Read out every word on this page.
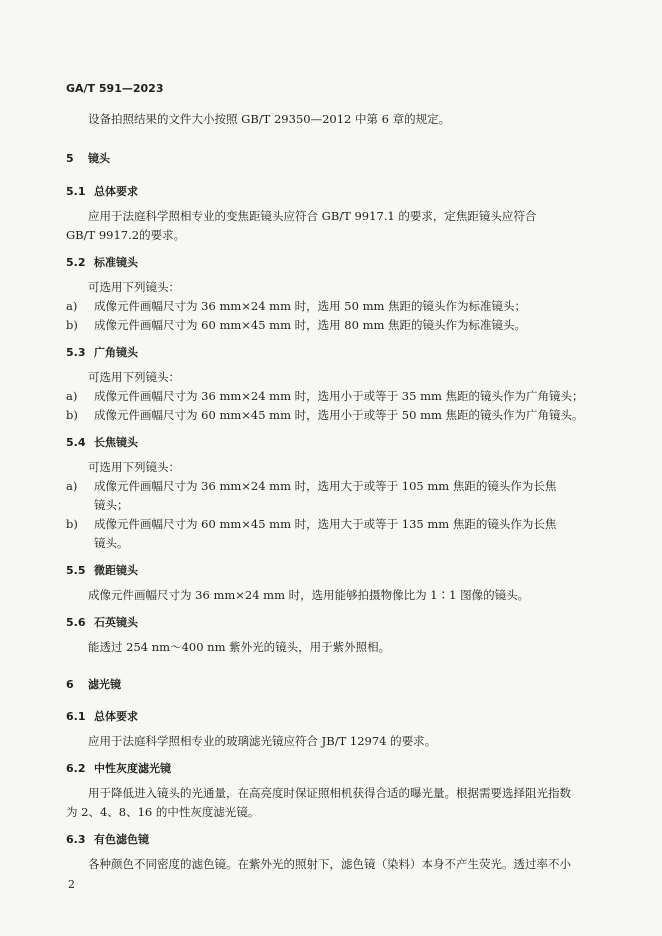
GA/T 591—2023
设备拍照结果的文件大小按照 GB/T 29350—2012 中第 6 章的规定。
5 镜头
5.1 总体要求
应用于法庭科学照相专业的变焦距镜头应符合 GB/T 9917.1 的要求，定焦距镜头应符合
GB/T 9917.2的要求。
5.2 标准镜头
可选用下列镜头：
a) 成像元件画幅尺寸为 36 mm×24 mm 时，选用 50 mm 焦距的镜头作为标准镜头；
b) 成像元件画幅尺寸为 60 mm×45 mm 时，选用 80 mm 焦距的镜头作为标准镜头。
5.3 广角镜头
可选用下列镜头：
a) 成像元件画幅尺寸为 36 mm×24 mm 时，选用小于或等于 35 mm 焦距的镜头作为广角镜头；
b) 成像元件画幅尺寸为 60 mm×45 mm 时，选用小于或等于 50 mm 焦距的镜头作为广角镜头。
5.4 长焦镜头
可选用下列镜头：
a) 成像元件画幅尺寸为 36 mm×24 mm 时，选用大于或等于 105 mm 焦距的镜头作为长焦
镜头；
b) 成像元件画幅尺寸为 60 mm×45 mm 时，选用大于或等于 135 mm 焦距的镜头作为长焦
镜头。
5.5 微距镜头
成像元件画幅尺寸为 36 mm×24 mm 时，选用能够拍摄物像比为 1∶1 图像的镜头。
5.6 石英镜头
能透过 254 nm～400 nm 紫外光的镜头，用于紫外照相。
6 滤光镜
6.1 总体要求
应用于法庭科学照相专业的玻璃滤光镜应符合 JB/T 12974 的要求。
6.2 中性灰度滤光镜
用于降低进入镜头的光通量，在高亮度时保证照相机获得合适的曝光量。根据需要选择阻光指数
为 2、4、8、16 的中性灰度滤光镜。
6.3 有色滤色镜
各种颜色不同密度的滤色镜。在紫外光的照射下，滤色镜（染料）本身不产生荧光。透过率不小
2
